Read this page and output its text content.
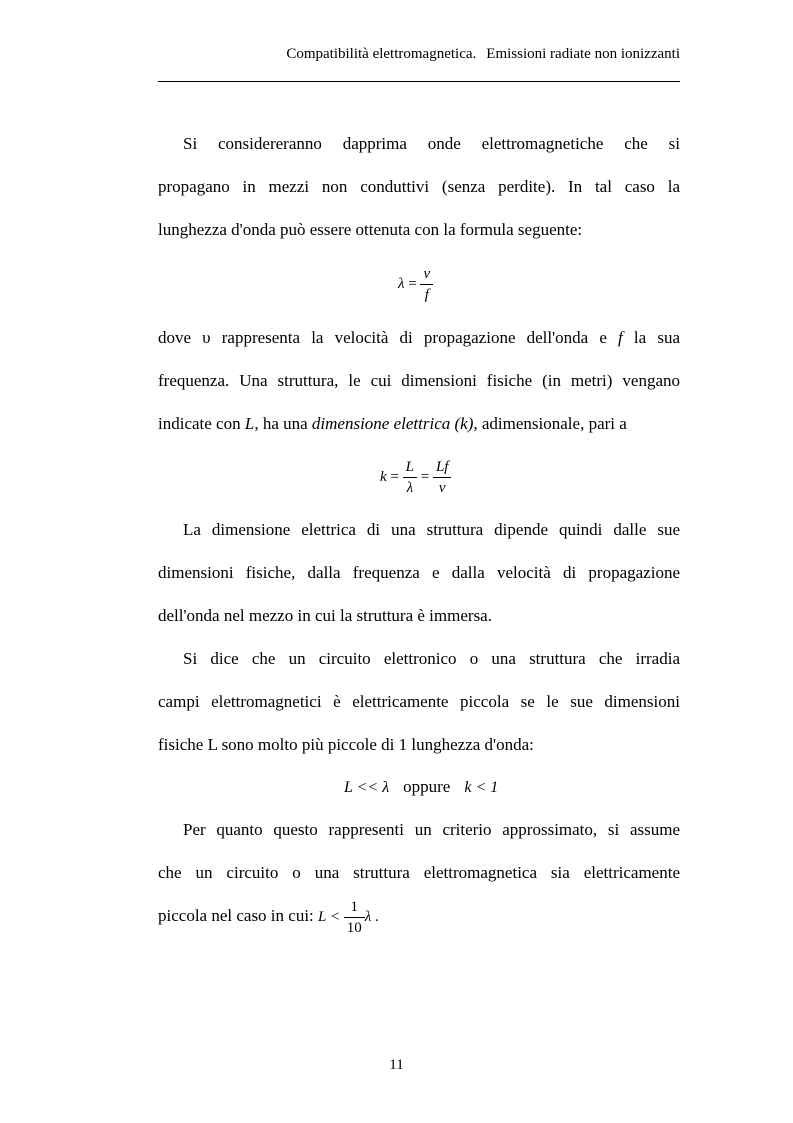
Compatibilità elettromagnetica. Emissioni radiate non ionizzanti
Si considereranno dapprima onde elettromagnetiche che si
propagano in mezzi non conduttivi (senza perdite). In tal caso la
lunghezza d'onda può essere ottenuta con la formula seguente:
$\lambda = \frac{v}{f}$
dove υ rappresenta la velocità di propagazione dell'onda e f la sua
frequenza. Una struttura, le cui dimensioni fisiche (in metri) vengano
indicate con L, ha una dimensione elettrica (k), adimensionale, pari a
$k = \frac{L}{\lambda} = \frac{Lf}{v}$
La dimensione elettrica di una struttura dipende quindi dalle sue
dimensioni fisiche, dalla frequenza e dalla velocità di propagazione
dell'onda nel mezzo in cui la struttura è immersa.
Si dice che un circuito elettronico o una struttura che irradia
campi elettromagnetici è elettricamente piccola se le sue dimensioni
fisiche L sono molto più piccole di 1 lunghezza d'onda:
L << λ oppure k < 1
Per quanto questo rappresenti un criterio approssimato, si assume
che un circuito o una struttura elettromagnetica sia elettricamente
piccola nel caso in cui: $L < \frac{1}{10}$ λ .
11
